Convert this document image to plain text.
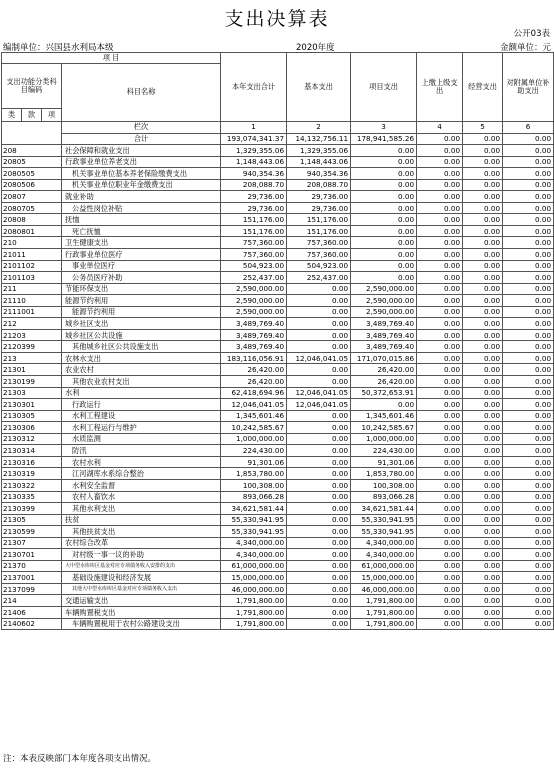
支出决算表
公开03表
编制单位：兴国县水利局本级	2020年度	金额单位：元
项 目				本年支出合计	基本支出	项目支出	上缴上级支出	经营支出	对附属单位补助支出
支出功能分类科目编码			科目名称						
类	款	项							
			栏次	1	2	3	4	5	6
			合计	193,074,341.37	14,132,756.11	178,941,585.26	0.00	0.00	0.00
208			社会保障和就业支出	1,329,355.06	1,329,355.06	0.00	0.00	0.00	0.00
20805			行政事业单位养老支出	1,148,443.06	1,148,443.06	0.00	0.00	0.00	0.00
2080505			机关事业单位基本养老保险缴费支出	940,354.36	940,354.36	0.00	0.00	0.00	0.00
2080506			机关事业单位职业年金缴费支出	208,088.70	208,088.70	0.00	0.00	0.00	0.00
20807			就业补助	29,736.00	29,736.00	0.00	0.00	0.00	0.00
2080705			公益性岗位补贴	29,736.00	29,736.00	0.00	0.00	0.00	0.00
20808			抚恤	151,176.00	151,176.00	0.00	0.00	0.00	0.00
2080801			死亡抚恤	151,176.00	151,176.00	0.00	0.00	0.00	0.00
210			卫生健康支出	757,360.00	757,360.00	0.00	0.00	0.00	0.00
21011			行政事业单位医疗	757,360.00	757,360.00	0.00	0.00	0.00	0.00
2101102			事业单位医疗	504,923.00	504,923.00	0.00	0.00	0.00	0.00
2101103			公务员医疗补助	252,437.00	252,437.00	0.00	0.00	0.00	0.00
211			节能环保支出	2,590,000.00	0.00	2,590,000.00	0.00	0.00	0.00
21110			能源节约利用	2,590,000.00	0.00	2,590,000.00	0.00	0.00	0.00
2111001			能源节约利用	2,590,000.00	0.00	2,590,000.00	0.00	0.00	0.00
212			城乡社区支出	3,489,769.40	0.00	3,489,769.40	0.00	0.00	0.00
21203			城乡社区公共设施	3,489,769.40	0.00	3,489,769.40	0.00	0.00	0.00
2120399			其他城乡社区公共设施支出	3,489,769.40	0.00	3,489,769.40	0.00	0.00	0.00
213			农林水支出	183,116,056.91	12,046,041.05	171,070,015.86	0.00	0.00	0.00
21301			农业农村	26,420.00	0.00	26,420.00	0.00	0.00	0.00
2130199			其他农业农村支出	26,420.00	0.00	26,420.00	0.00	0.00	0.00
21303			水利	62,418,694.96	12,046,041.05	50,372,653.91	0.00	0.00	0.00
2130301			行政运行	12,046,041.05	12,046,041.05	0.00	0.00	0.00	0.00
2130305			水利工程建设	1,345,601.46	0.00	1,345,601.46	0.00	0.00	0.00
2130306			水利工程运行与维护	10,242,585.67	0.00	10,242,585.67	0.00	0.00	0.00
2130312			水质监测	1,000,000.00	0.00	1,000,000.00	0.00	0.00	0.00
2130314			防汛	224,430.00	0.00	224,430.00	0.00	0.00	0.00
2130316			农村水利	91,301.06	0.00	91,301.06	0.00	0.00	0.00
2130319			江河湖库水系综合整治	1,853,780.00	0.00	1,853,780.00	0.00	0.00	0.00
2130322			水利安全监督	100,308.00	0.00	100,308.00	0.00	0.00	0.00
2130335			农村人畜饮水	893,066.28	0.00	893,066.28	0.00	0.00	0.00
2130399			其他水利支出	34,621,581.44	0.00	34,621,581.44	0.00	0.00	0.00
21305			扶贫	55,330,941.95	0.00	55,330,941.95	0.00	0.00	0.00
2130599			其他扶贫支出	55,330,941.95	0.00	55,330,941.95	0.00	0.00	0.00
21307			农村综合改革	4,340,000.00	0.00	4,340,000.00	0.00	0.00	0.00
2130701			对村级一事一议的补助	4,340,000.00	0.00	4,340,000.00	0.00	0.00	0.00
21370			大中型水库库区基金对应专项债务收入安排的支出	61,000,000.00	0.00	61,000,000.00	0.00	0.00	0.00
2137001			基础设施建设和经济发展	15,000,000.00	0.00	15,000,000.00	0.00	0.00	0.00
2137099			其他大中型水库库区基金对应专项债务收入支出	46,000,000.00	0.00	46,000,000.00	0.00	0.00	0.00
214			交通运输支出	1,791,800.00	0.00	1,791,800.00	0.00	0.00	0.00
21406			车辆购置税支出	1,791,800.00	0.00	1,791,800.00	0.00	0.00	0.00
2140602			车辆购置税用于农村公路建设支出	1,791,800.00	0.00	1,791,800.00	0.00	0.00	0.00
注：本表反映部门本年度各项支出情况。
